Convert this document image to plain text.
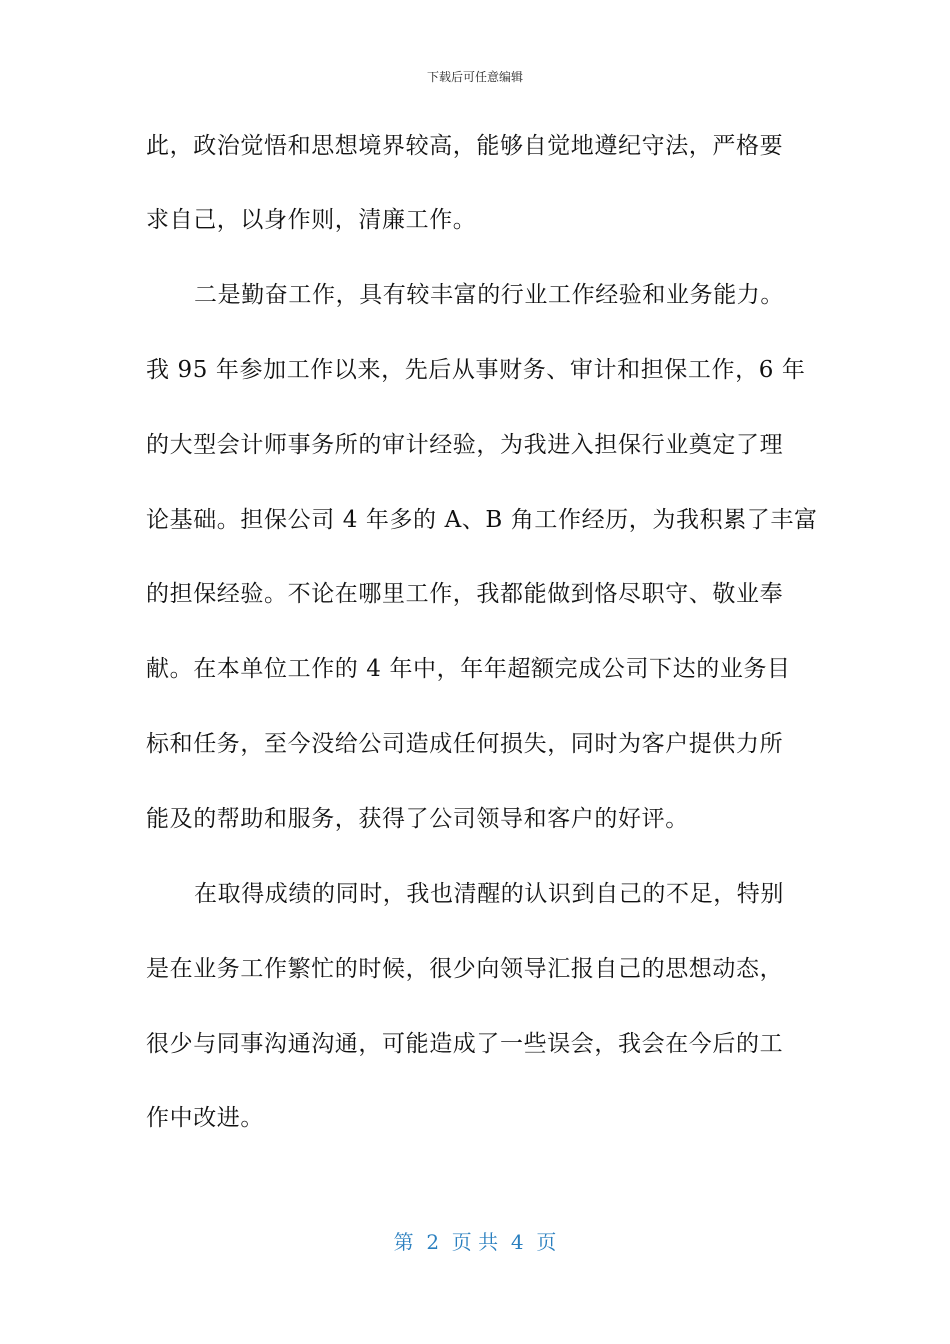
下载后可任意编辑
此，政治觉悟和思想境界较高，能够自觉地遵纪守法，严格要
求自己，以身作则，清廉工作。
二是勤奋工作，具有较丰富的行业工作经验和业务能力。
我 95 年参加工作以来，先后从事财务、审计和担保工作，6 年
的大型会计师事务所的审计经验，为我进入担保行业奠定了理
论基础。担保公司 4 年多的 A、B 角工作经历，为我积累了丰富
的担保经验。不论在哪里工作，我都能做到恪尽职守、敬业奉
献。在本单位工作的 4 年中，年年超额完成公司下达的业务目
标和任务，至今没给公司造成任何损失，同时为客户提供力所
能及的帮助和服务，获得了公司领导和客户的好评。
在取得成绩的同时，我也清醒的认识到自己的不足，特别
是在业务工作繁忙的时候，很少向领导汇报自己的思想动态，
很少与同事沟通沟通，可能造成了一些误会，我会在今后的工
作中改进。
第  2  页 共  4  页
